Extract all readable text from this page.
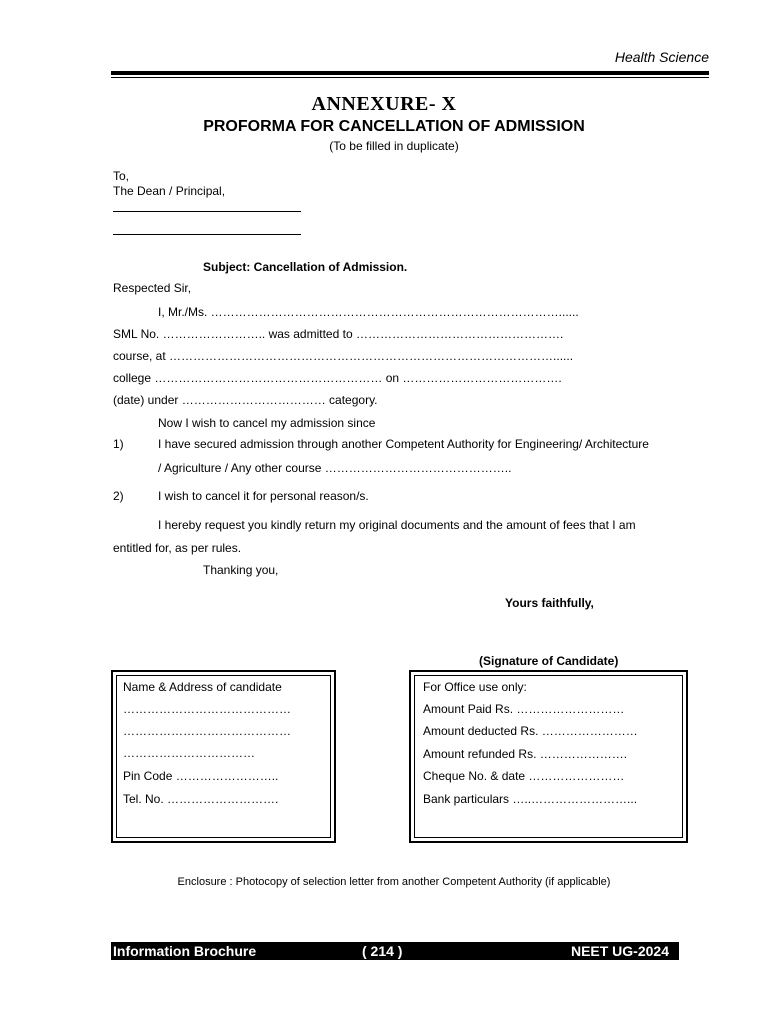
Health Science
ANNEXURE- X
PROFORMA FOR CANCELLATION OF ADMISSION
(To be filled in duplicate)
To,
The Dean / Principal,
Subject: Cancellation of Admission.
Respected Sir,
I, Mr./Ms. ……………………………………………………………………………......
SML No. …………………….. was admitted to …………………………………………….
course, at ……………………………………………………………………………………......
college ………………………………………………… on ………………………………….
(date) under ……………………………… category.
Now I wish to cancel my admission since
1)	I have secured admission through another Competent Authority for Engineering/ Architecture
/ Agriculture / Any other course ………………………………………..
2)	I wish to cancel it for personal reason/s.
I hereby request you kindly return my original documents and the amount of fees that I am
entitled for, as per rules.
Thanking you,
Yours faithfully,
(Signature of Candidate)
Name & Address of candidate
……………………………………
……………………………………
……………………………
Pin Code ……………………..
Tel. No. ……………………….
For Office use only:
Amount Paid Rs. ………………………
Amount deducted Rs. ……………………
Amount refunded Rs. ………………….
Cheque No. & date ……………………
Bank particulars …..……………………...
Enclosure : Photocopy of selection letter from another Competent Authority (if applicable)
Information Brochure	( 214 )	NEET UG-2024
